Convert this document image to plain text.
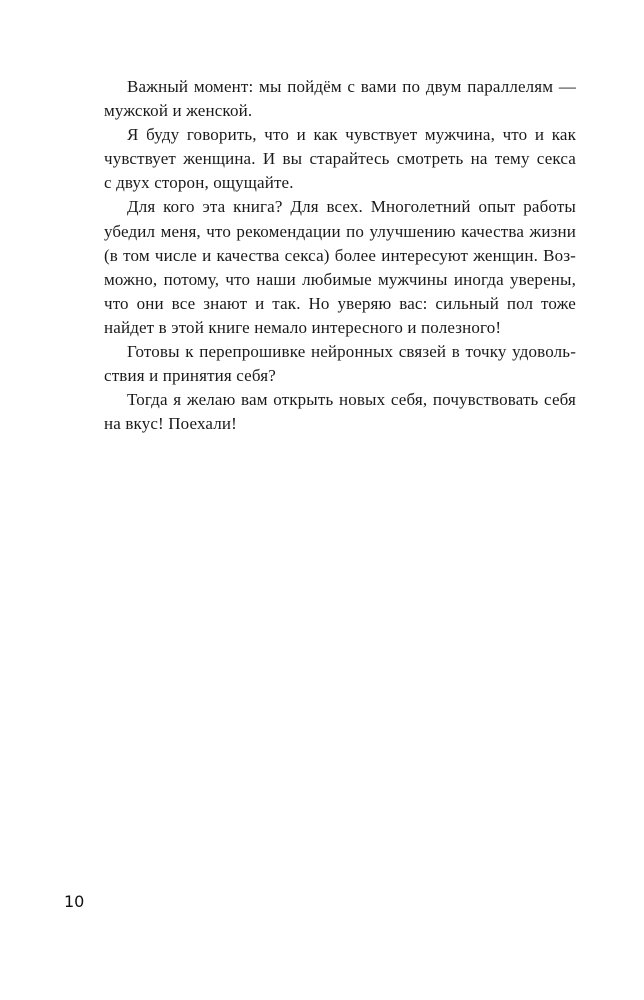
Важный момент: мы пойдём с вами по двум параллелям —
мужской и женской.
Я буду говорить, что и как чувствует мужчина, что и как
чувствует женщина. И вы старайтесь смотреть на тему секса
с двух сторон, ощущайте.
Для кого эта книга? Для всех. Многолетний опыт работы
убедил меня, что рекомендации по улучшению качества жизни
(в том числе и качества секса) более интересуют женщин. Воз-
можно, потому, что наши любимые мужчины иногда уверены,
что они все знают и так. Но уверяю вас: сильный пол тоже
найдет в этой книге немало интересного и полезного!
Готовы к перепрошивке нейронных связей в точку удоволь-
ствия и принятия себя?
Тогда я желаю вам открыть новых себя, почувствовать себя
на вкус! Поехали!
10
